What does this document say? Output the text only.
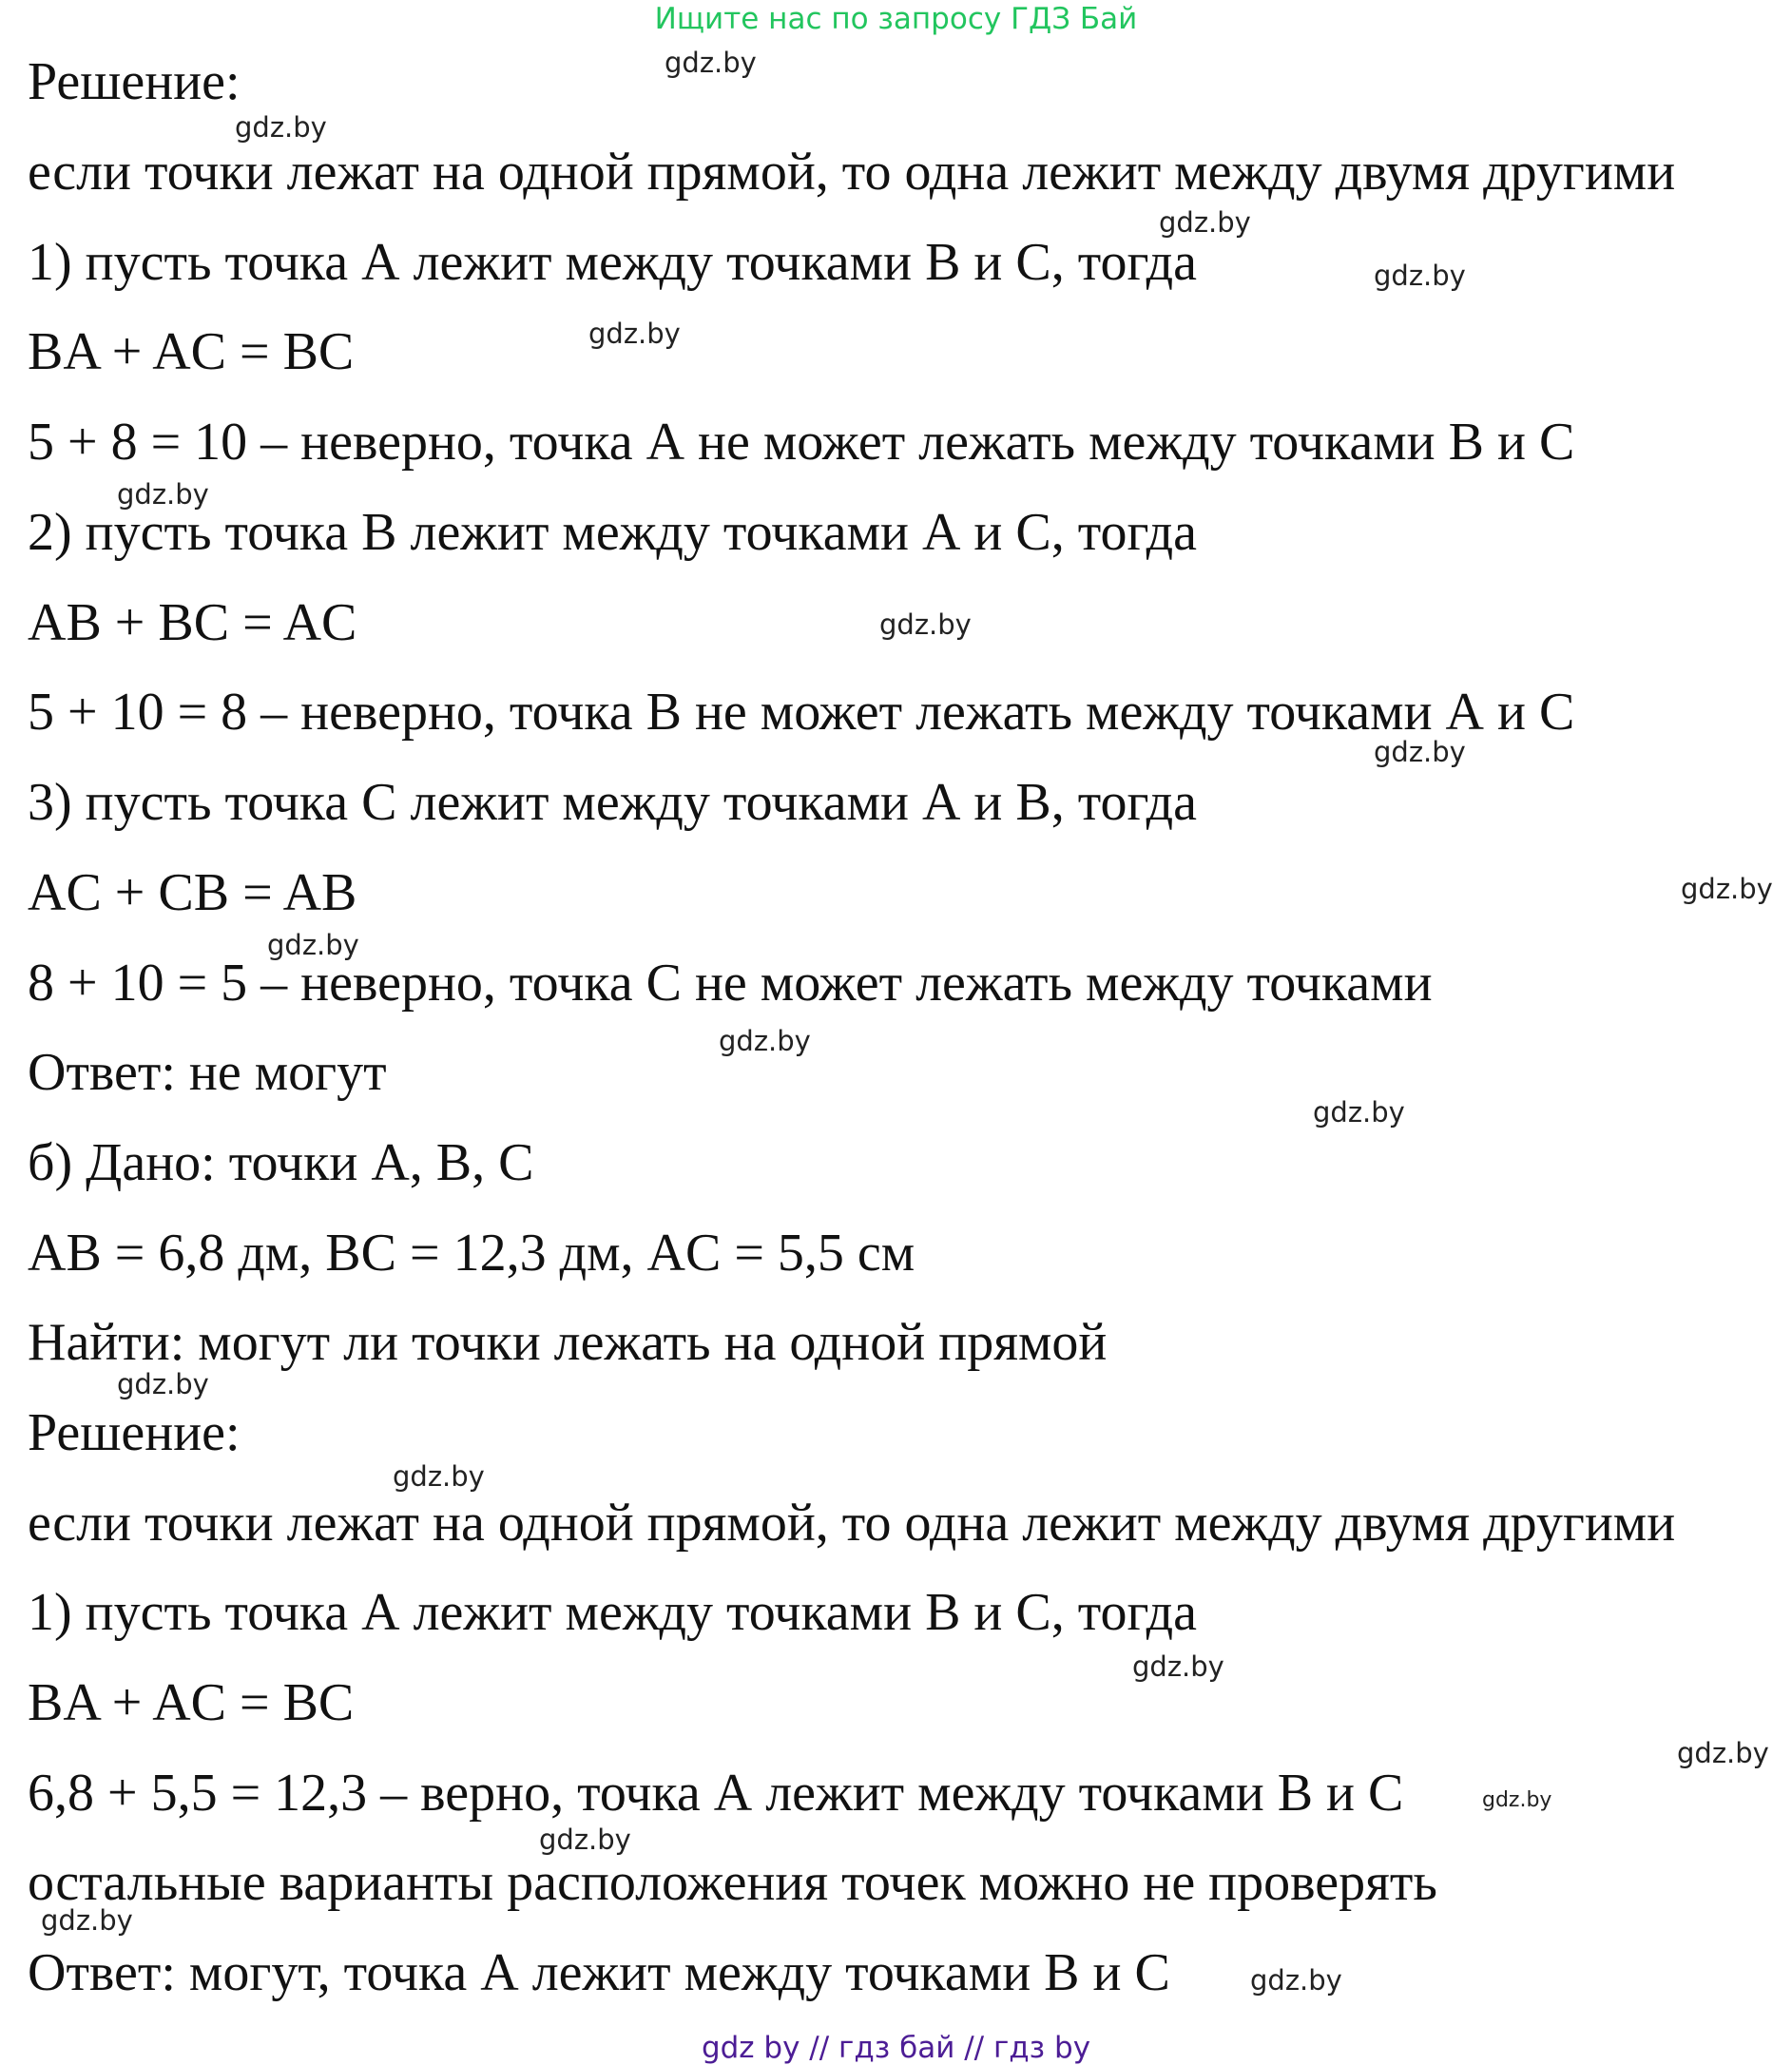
Ищите нас по запросу ГДЗ Бай
Решение:
если точки лежат на одной прямой, то одна лежит между двумя другими
1) пусть точка А лежит между точками В и С, тогда
BA + AC = BC
5 + 8 = 10 – неверно, точка А не может лежать между точками В и С
2) пусть точка В лежит между точками А и С, тогда
AB + BC = AC
5 + 10 = 8 – неверно, точка В не может лежать между точками А и С
3) пусть точка С лежит между точками А и В, тогда
AC + CB = AB
8 + 10 = 5 – неверно, точка С не может лежать между точками
Ответ: не могут
б) Дано: точки А, В, С
AB = 6,8 дм, BC = 12,3 дм, AC = 5,5 см
Найти: могут ли точки лежать на одной прямой
Решение:
если точки лежат на одной прямой, то одна лежит между двумя другими
1) пусть точка А лежит между точками В и С, тогда
BA + AC = BC
6,8 + 5,5 = 12,3 – верно, точка А лежит между точками В и С
остальные варианты расположения точек можно не проверять
Ответ: могут, точка А лежит между точками В и С
gdz.by
gdz.by
gdz.by
gdz.by
gdz.by
gdz.by
gdz.by
gdz.by
gdz.by
gdz.by
gdz.by
gdz.by
gdz.by
gdz.by
gdz.by
gdz.by
gdz.by
gdz.by
gdz.by
gdz.by
gdz by // гдз бай // гдз by
